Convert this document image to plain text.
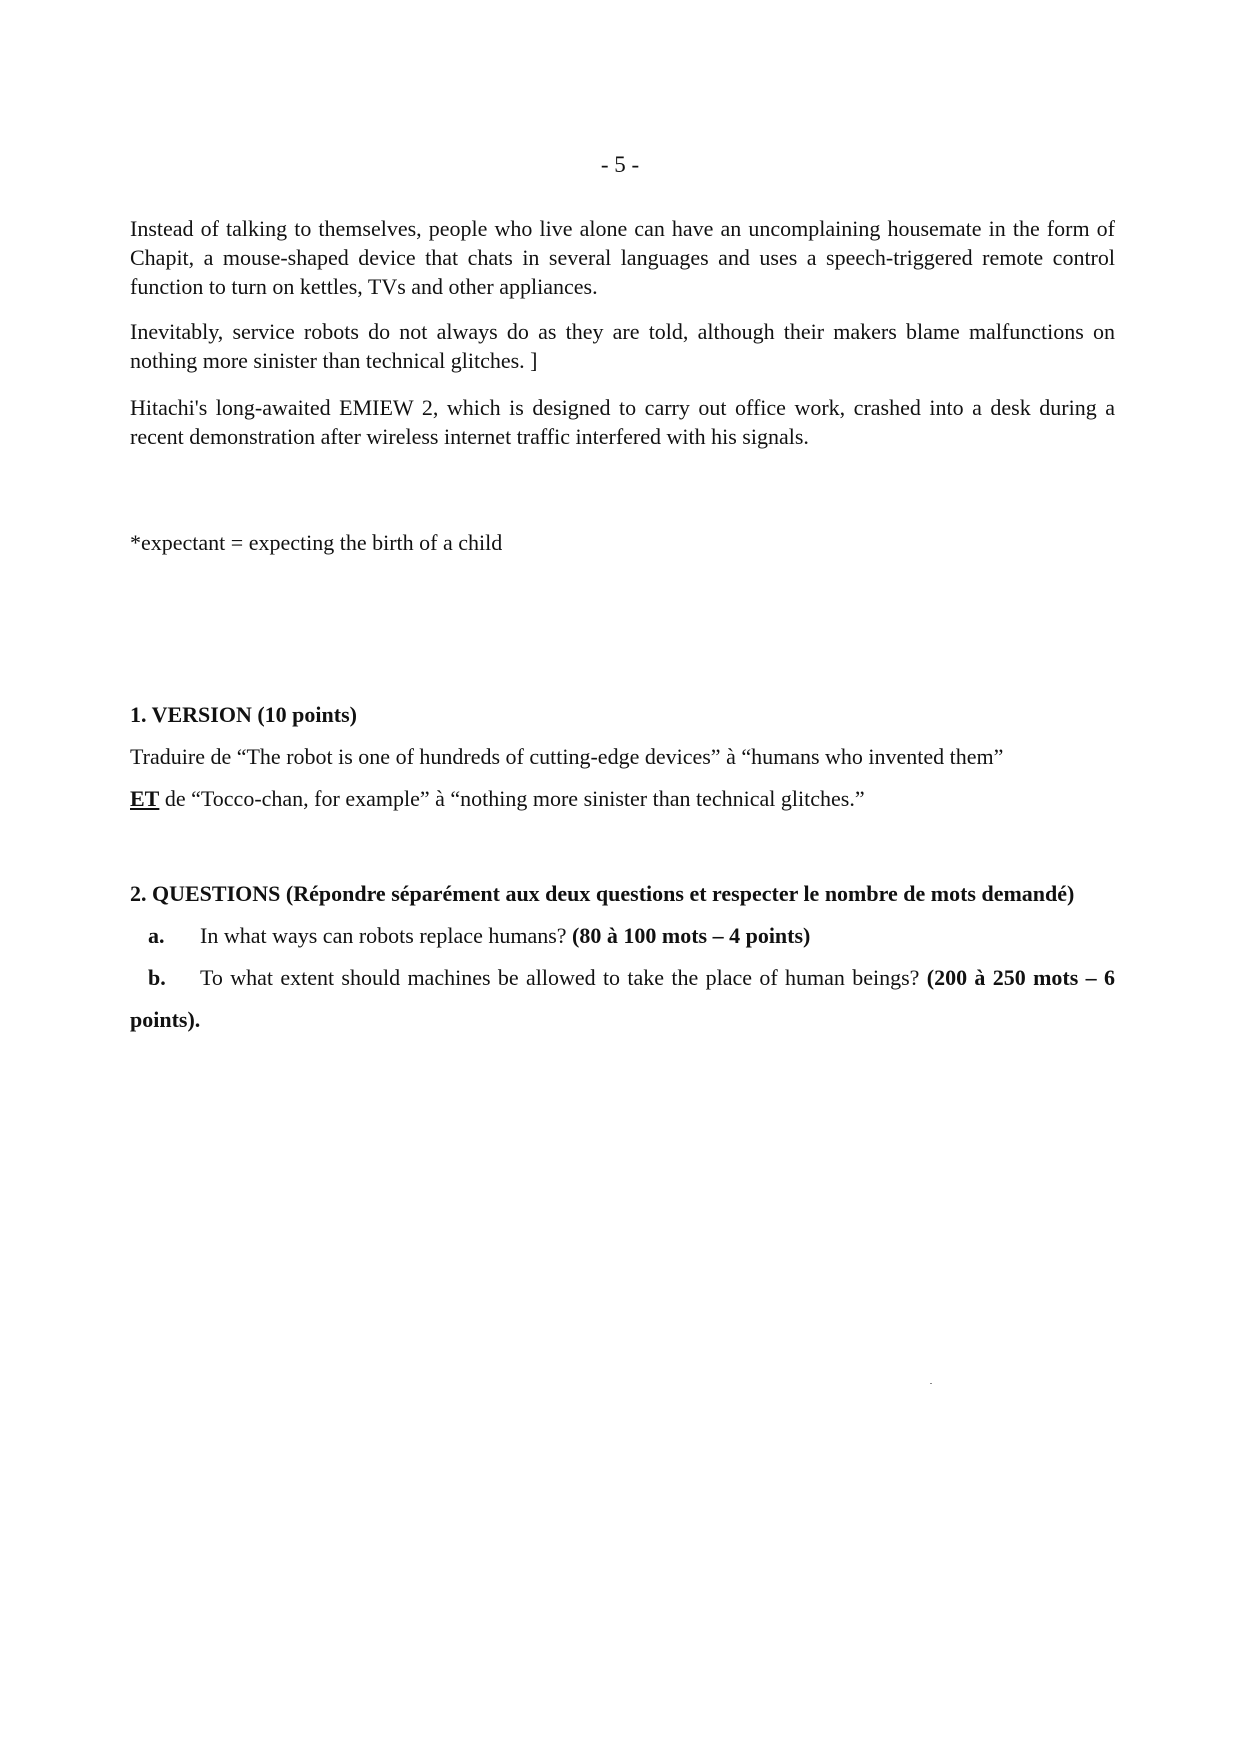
- 5 -

Instead of talking to themselves, people who live alone can have an uncomplaining housemate in the form of Chapit, a mouse-shaped device that chats in several languages and uses a speech-triggered remote control function to turn on kettles, TVs and other appliances.

Inevitably, service robots do not always do as they are told, although their makers blame malfunctions on nothing more sinister than technical glitches. ]

Hitachi's long-awaited EMIEW 2, which is designed to carry out office work, crashed into a desk during a recent demonstration after wireless internet traffic interfered with his signals.

*expectant = expecting the birth of a child

1. VERSION (10 points)
Traduire de “The robot is one of hundreds of cutting-edge devices” à “humans who invented them”
ET de “Tocco-chan, for example” à “nothing more sinister than technical glitches.”
2. QUESTIONS (Répondre séparément aux deux questions et respecter le nombre de mots demandé)
a.	In what ways can robots replace humans? (80 à 100 mots – 4 points)
b. To what extent should machines be allowed to take the place of human beings? (200 à 250 mots – 6 points).
